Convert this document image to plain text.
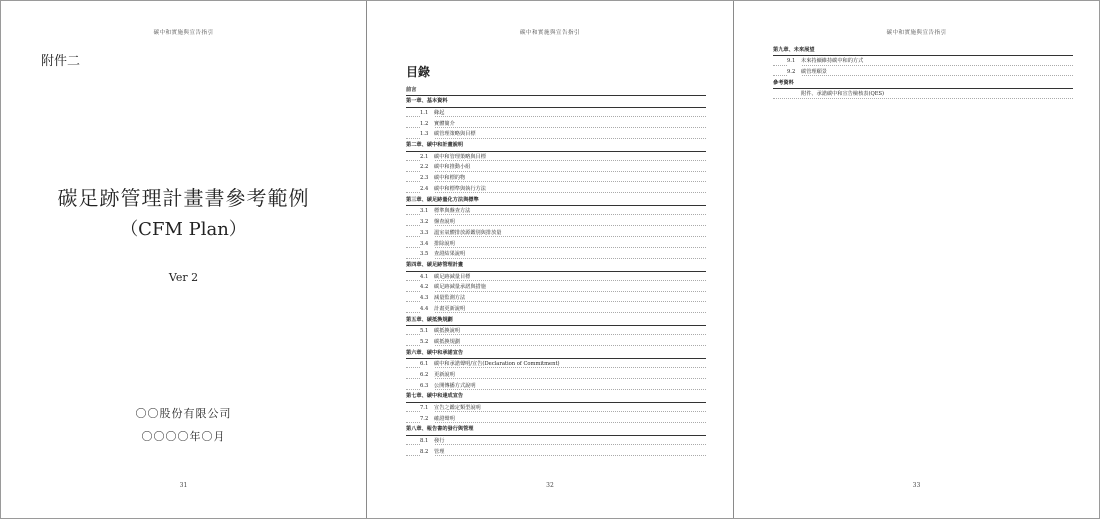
碳中和實施與宣告指引
附件二
碳足跡管理計畫書參考範例
（CFM Plan）
Ver 2
〇〇股份有限公司
〇〇〇〇年〇月
31
碳中和實施與宣告指引
目錄
前言
第一章、基本資料
1.1 緣起
1.2 實體簡介
1.3 碳管理策略與目標
第二章、碳中和計畫說明
2.1 碳中和管理策略與目標
2.2 碳中和推動小組
2.3 碳中和標的物
2.4 碳中和標準與執行方法
第三章、碳足跡量化方法與標準
3.1 標準與盤查方法
3.2 盤查說明
3.3 溫室氣體排放源鑑別與排放量
3.4 排除說明
3.5 查證結果說明
第四章、碳足跡管理計畫
4.1 碳足跡減量目標
4.2 碳足跡減量承諾與措施
4.3 減量監測方法
4.4 計畫更新說明
第五章、碳抵換規劃
5.1 碳抵換說明
5.2 碳抵換規劃
第六章、碳中和承諾宣告
6.1 碳中和承諾聲明/宣告(Declaration of Commitment)
6.2 更新說明
6.3 公開傳播方式說明
第七章、碳中和達成宣告
7.1 宣告之鑑定類型說明
7.2 確證聲明
第八章、報告書的發行與管理
8.1 發行
8.2 管理
32
碳中和實施與宣告指引
第九章、未來展望
9.1 未來持續維持碳中和的方式
9.2 碳管理願景
參考資料
附件、承諾碳中和宣告檢核表(QES)
33
